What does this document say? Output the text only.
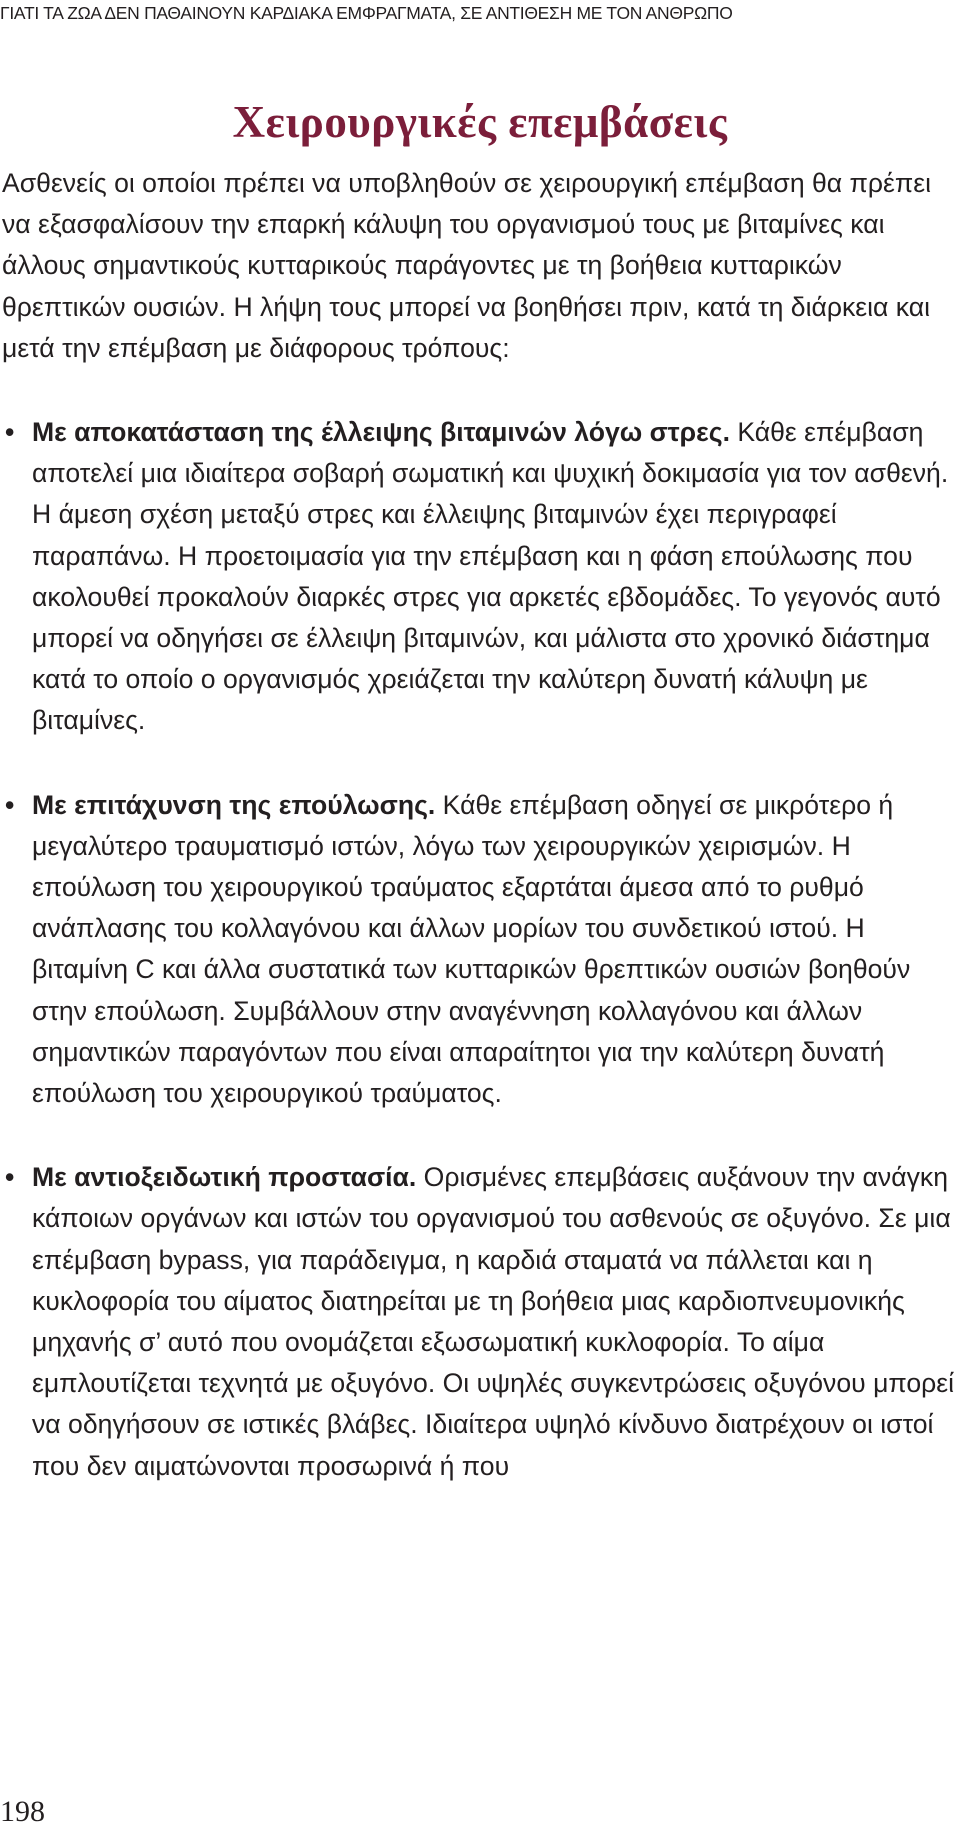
ΓΙΑΤΙ ΤΑ ΖΩΑ ΔΕΝ ΠΑΘΑΙΝΟΥΝ ΚΑΡΔΙΑΚΑ ΕΜΦΡΑΓΜΑΤΑ, ΣΕ ΑΝΤΙΘΕΣΗ ΜΕ ΤΟΝ ΑΝΘΡΩΠΟ
Χειρουργικές επεμβάσεις

Ασθενείς οι οποίοι πρέπει να υποβληθούν σε χειρουργική επέμβαση θα πρέπει να εξασφαλίσουν την επαρκή κάλυψη του οργανισμού τους με βιταμίνες και άλλους σημαντικούς κυτταρικούς παράγοντες με τη βοήθεια κυτταρικών θρεπτικών ουσιών. Η λήψη τους μπορεί να βοηθήσει πριν, κατά τη διάρκεια και μετά την επέμβαση με διάφορους τρόπους:

• Με αποκατάσταση της έλλειψης βιταμινών λόγω στρες. Κάθε επέμβαση αποτελεί μια ιδιαίτερα σοβαρή σωματική και ψυχική δοκιμασία για τον ασθενή. Η άμεση σχέση μεταξύ στρες και έλλειψης βιταμινών έχει περιγραφεί παραπάνω. Η προετοιμασία για την επέμβαση και η φάση επούλωσης που ακολουθεί προκαλούν διαρκές στρες για αρκετές εβδομάδες. Το γεγονός αυτό μπορεί να οδηγήσει σε έλλειψη βιταμινών, και μάλιστα στο χρονικό διάστημα κατά το οποίο ο οργανισμός χρειάζεται την καλύτερη δυνατή κάλυψη με βιταμίνες.
• Με επιτάχυνση της επούλωσης. Κάθε επέμβαση οδηγεί σε μικρότερο ή μεγαλύτερο τραυματισμό ιστών, λόγω των χειρουργικών χειρισμών. Η επούλωση του χειρουργικού τραύματος εξαρτάται άμεσα από το ρυθμό ανάπλασης του κολλαγόνου και άλλων μορίων του συνδετικού ιστού. Η βιταμίνη C και άλλα συστατικά των κυτταρικών θρεπτικών ουσιών βοηθούν στην επούλωση. Συμβάλλουν στην αναγέννηση κολλαγόνου και άλλων σημαντικών παραγόντων που είναι απαραίτητοι για την καλύτερη δυνατή επούλωση του χειρουργικού τραύματος.
• Με αντιοξειδωτική προστασία. Ορισμένες επεμβάσεις αυξάνουν την ανάγκη κάποιων οργάνων και ιστών του οργανισμού του ασθενούς σε οξυγόνο. Σε μια επέμβαση bypass, για παράδειγμα, η καρδιά σταματά να πάλλεται και η κυκλοφορία του αίματος διατηρείται με τη βοήθεια μιας καρδιοπνευμονικής μηχανής σ’ αυτό που ονομάζεται εξωσωματική κυκλοφορία. Το αίμα εμπλουτίζεται τεχνητά με οξυγόνο. Οι υψηλές συγκεντρώσεις οξυγόνου μπορεί να οδηγήσουν σε ιστικές βλάβες. Ιδιαίτερα υψηλό κίνδυνο διατρέχουν οι ιστοί που δεν αιματώνονται προσωρινά ή που
198
